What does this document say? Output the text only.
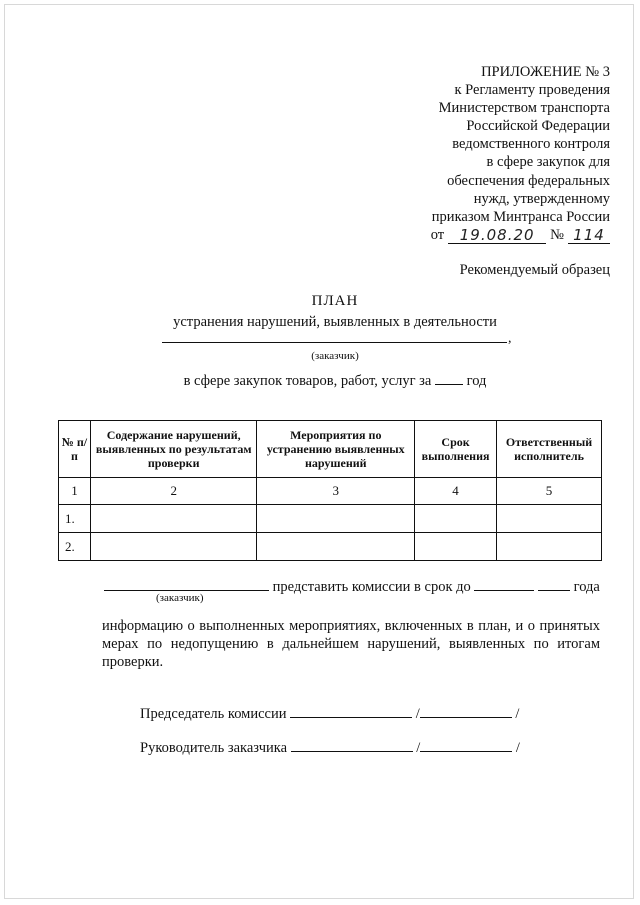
ПРИЛОЖЕНИЕ № 3
к Регламенту проведения
Министерством транспорта
Российской Федерации
ведомственного контроля
в сфере закупок для
обеспечения федеральных
нужд, утвержденному
приказом Минтранса России
от	19.08.20	№ 114
Рекомендуемый образец
ПЛАН
устранения нарушений, выявленных в деятельности
,
(заказчик)
в сфере закупок товаров, работ, услуг за год
№ п/п	Содержание нарушений, выявленных по результатам проверки	Мероприятия по устранению выявленных нарушений	Срок выполнения	Ответственный исполнитель
1	2	3	4	5
1.				
2.				
представить комиссии в срок до	года
(заказчик)
информацию о выполненных мероприятиях, включенных в план, и о принятых мерах по недопущению в дальнейшем нарушений, выявленных по итогам проверки.
Председатель комиссии	/	/
Руководитель заказчика	/	/
